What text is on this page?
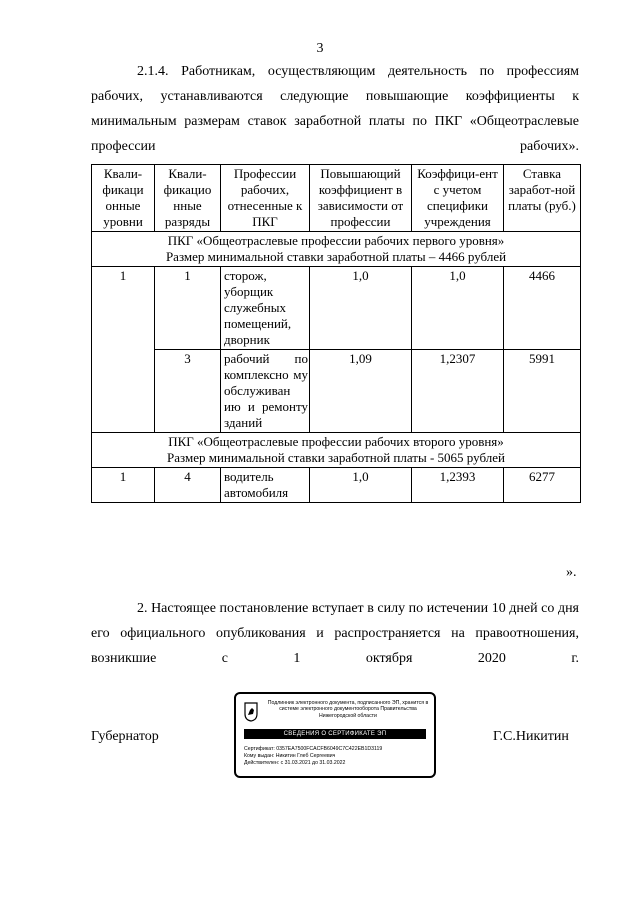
3
2.1.4. Работникам, осуществляющим деятельность по профессиям рабочих, устанавливаются следующие повышающие коэффициенты к минимальным размерам ставок заработной платы по ПКГ «Общеотраслевые профессии рабочих».
Квали-фикаци онные уровни	Квали-фикацио нные разряды	Профессии рабочих, отнесенные к ПКГ	Повышающий коэффициент в зависимости от профессии	Коэффици-ент с учетом специфики учреждения	Ставка заработ-ной платы (руб.)

ПКГ «Общеотраслевые профессии рабочих первого уровня»
Размер минимальной ставки заработной платы – 4466 рублей					

1	1	сторож, уборщик служебных помещений, дворник	1,0	1,0	4466
	3	рабочий по комплексно му обслуживан ию и ремонту зданий	1,09	1,2307	5991

ПКГ «Общеотраслевые профессии рабочих второго уровня»
Размер минимальной ставки заработной платы - 5065 рублей					

1	4	водитель автомобиля	1,0	1,2393	6277
».
2. Настоящее постановление вступает в силу по истечении 10 дней со дня его официального опубликования и распространяется на правоотношения, возникшие с 1 октября 2020 г.
Губернатор	Г.С.Никитин
Подлинник электронного документа, подписанного ЭП, хранится в системе электронного документооборота Правительства Нижегородской области
СВЕДЕНИЯ О СЕРТИФИКАТЕ ЭП
Сертификат: 0357EA7500FCACFB6049C7C422EB1D3119
Кому выдан: Никитин Глеб Сергеевич
Действителен: с 31.03.2021 до 31.03.2022
